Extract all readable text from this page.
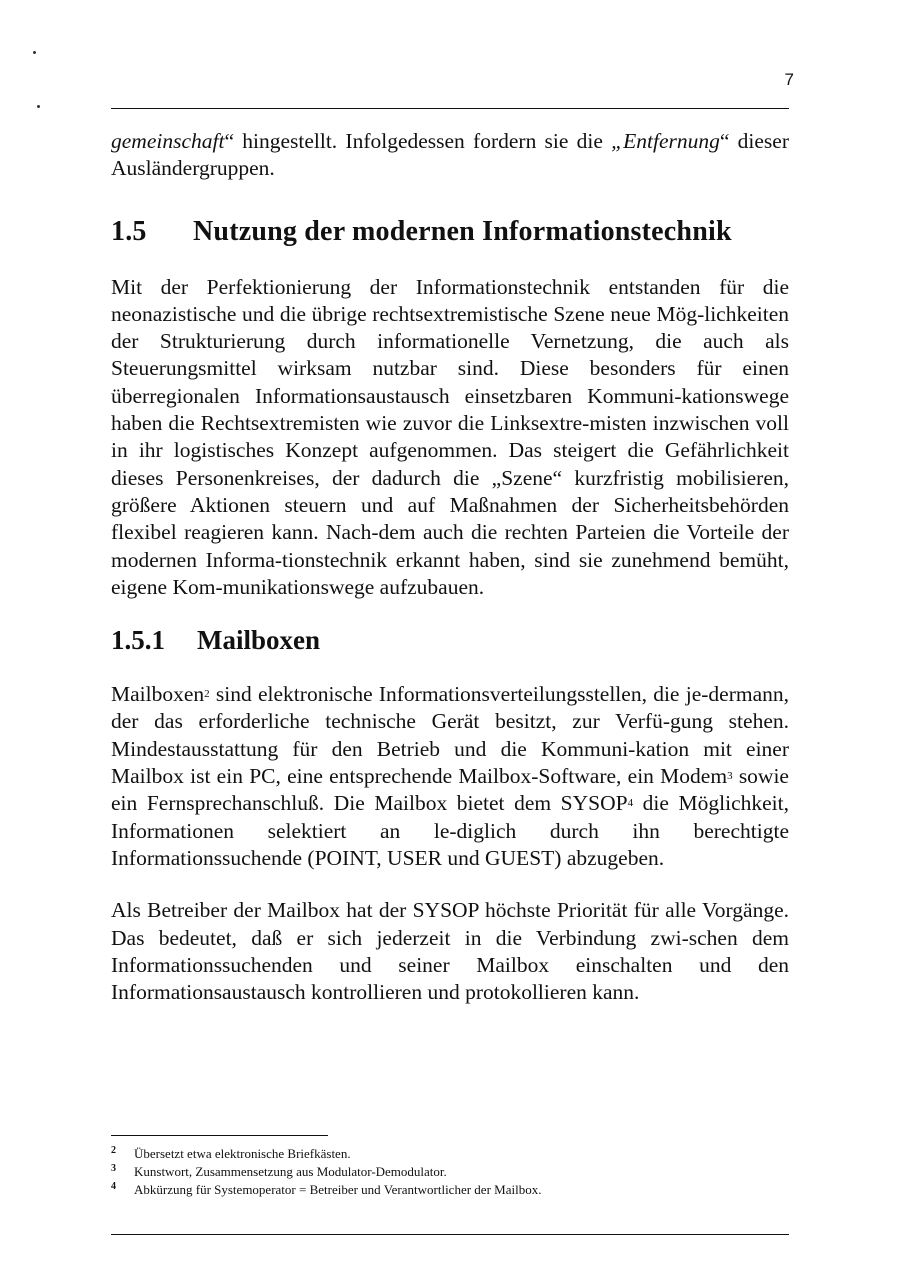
7

gemeinschaft“ hingestellt. Infolgedessen fordern sie die „Entfernung“ dieser Ausländergruppen.

1.5 Nutzung der modernen Informationstechnik

Mit der Perfektionierung der Informationstechnik entstanden für die neonazistische und die übrige rechtsextremistische Szene neue Mög-lichkeiten der Strukturierung durch informationelle Vernetzung, die auch als Steuerungsmittel wirksam nutzbar sind. Diese besonders für einen überregionalen Informationsaustausch einsetzbaren Kommuni-kationswege haben die Rechtsextremisten wie zuvor die Linksextre-misten inzwischen voll in ihr logistisches Konzept aufgenommen. Das steigert die Gefährlichkeit dieses Personenkreises, der dadurch die „Szene“ kurzfristig mobilisieren, größere Aktionen steuern und auf Maßnahmen der Sicherheitsbehörden flexibel reagieren kann. Nach-dem auch die rechten Parteien die Vorteile der modernen Informa-tionstechnik erkannt haben, sind sie zunehmend bemüht, eigene Kom-munikationswege aufzubauen.

1.5.1 Mailboxen

Mailboxen$^2$ sind elektronische Informationsverteilungsstellen, die je-dermann, der das erforderliche technische Gerät besitzt, zur Verfü-gung stehen. Mindestausstattung für den Betrieb und die Kommuni-kation mit einer Mailbox ist ein PC, eine entsprechende Mailbox-Software, ein Modem$^3$ sowie ein Fernsprechanschluß. Die Mailbox bietet dem SYSOP$^4$ die Möglichkeit, Informationen selektiert an le-diglich durch ihn berechtigte Informationssuchende (POINT, USER und GUEST) abzugeben.

Als Betreiber der Mailbox hat der SYSOP höchste Priorität für alle Vorgänge. Das bedeutet, daß er sich jederzeit in die Verbindung zwi-schen dem Informationssuchenden und seiner Mailbox einschalten und den Informationsaustausch kontrollieren und protokollieren kann.

2 Übersetzt etwa elektronische Briefkästen.
3 Kunstwort, Zusammensetzung aus Modulator-Demodulator.
4 Abkürzung für Systemoperator = Betreiber und Verantwortlicher der Mailbox.
